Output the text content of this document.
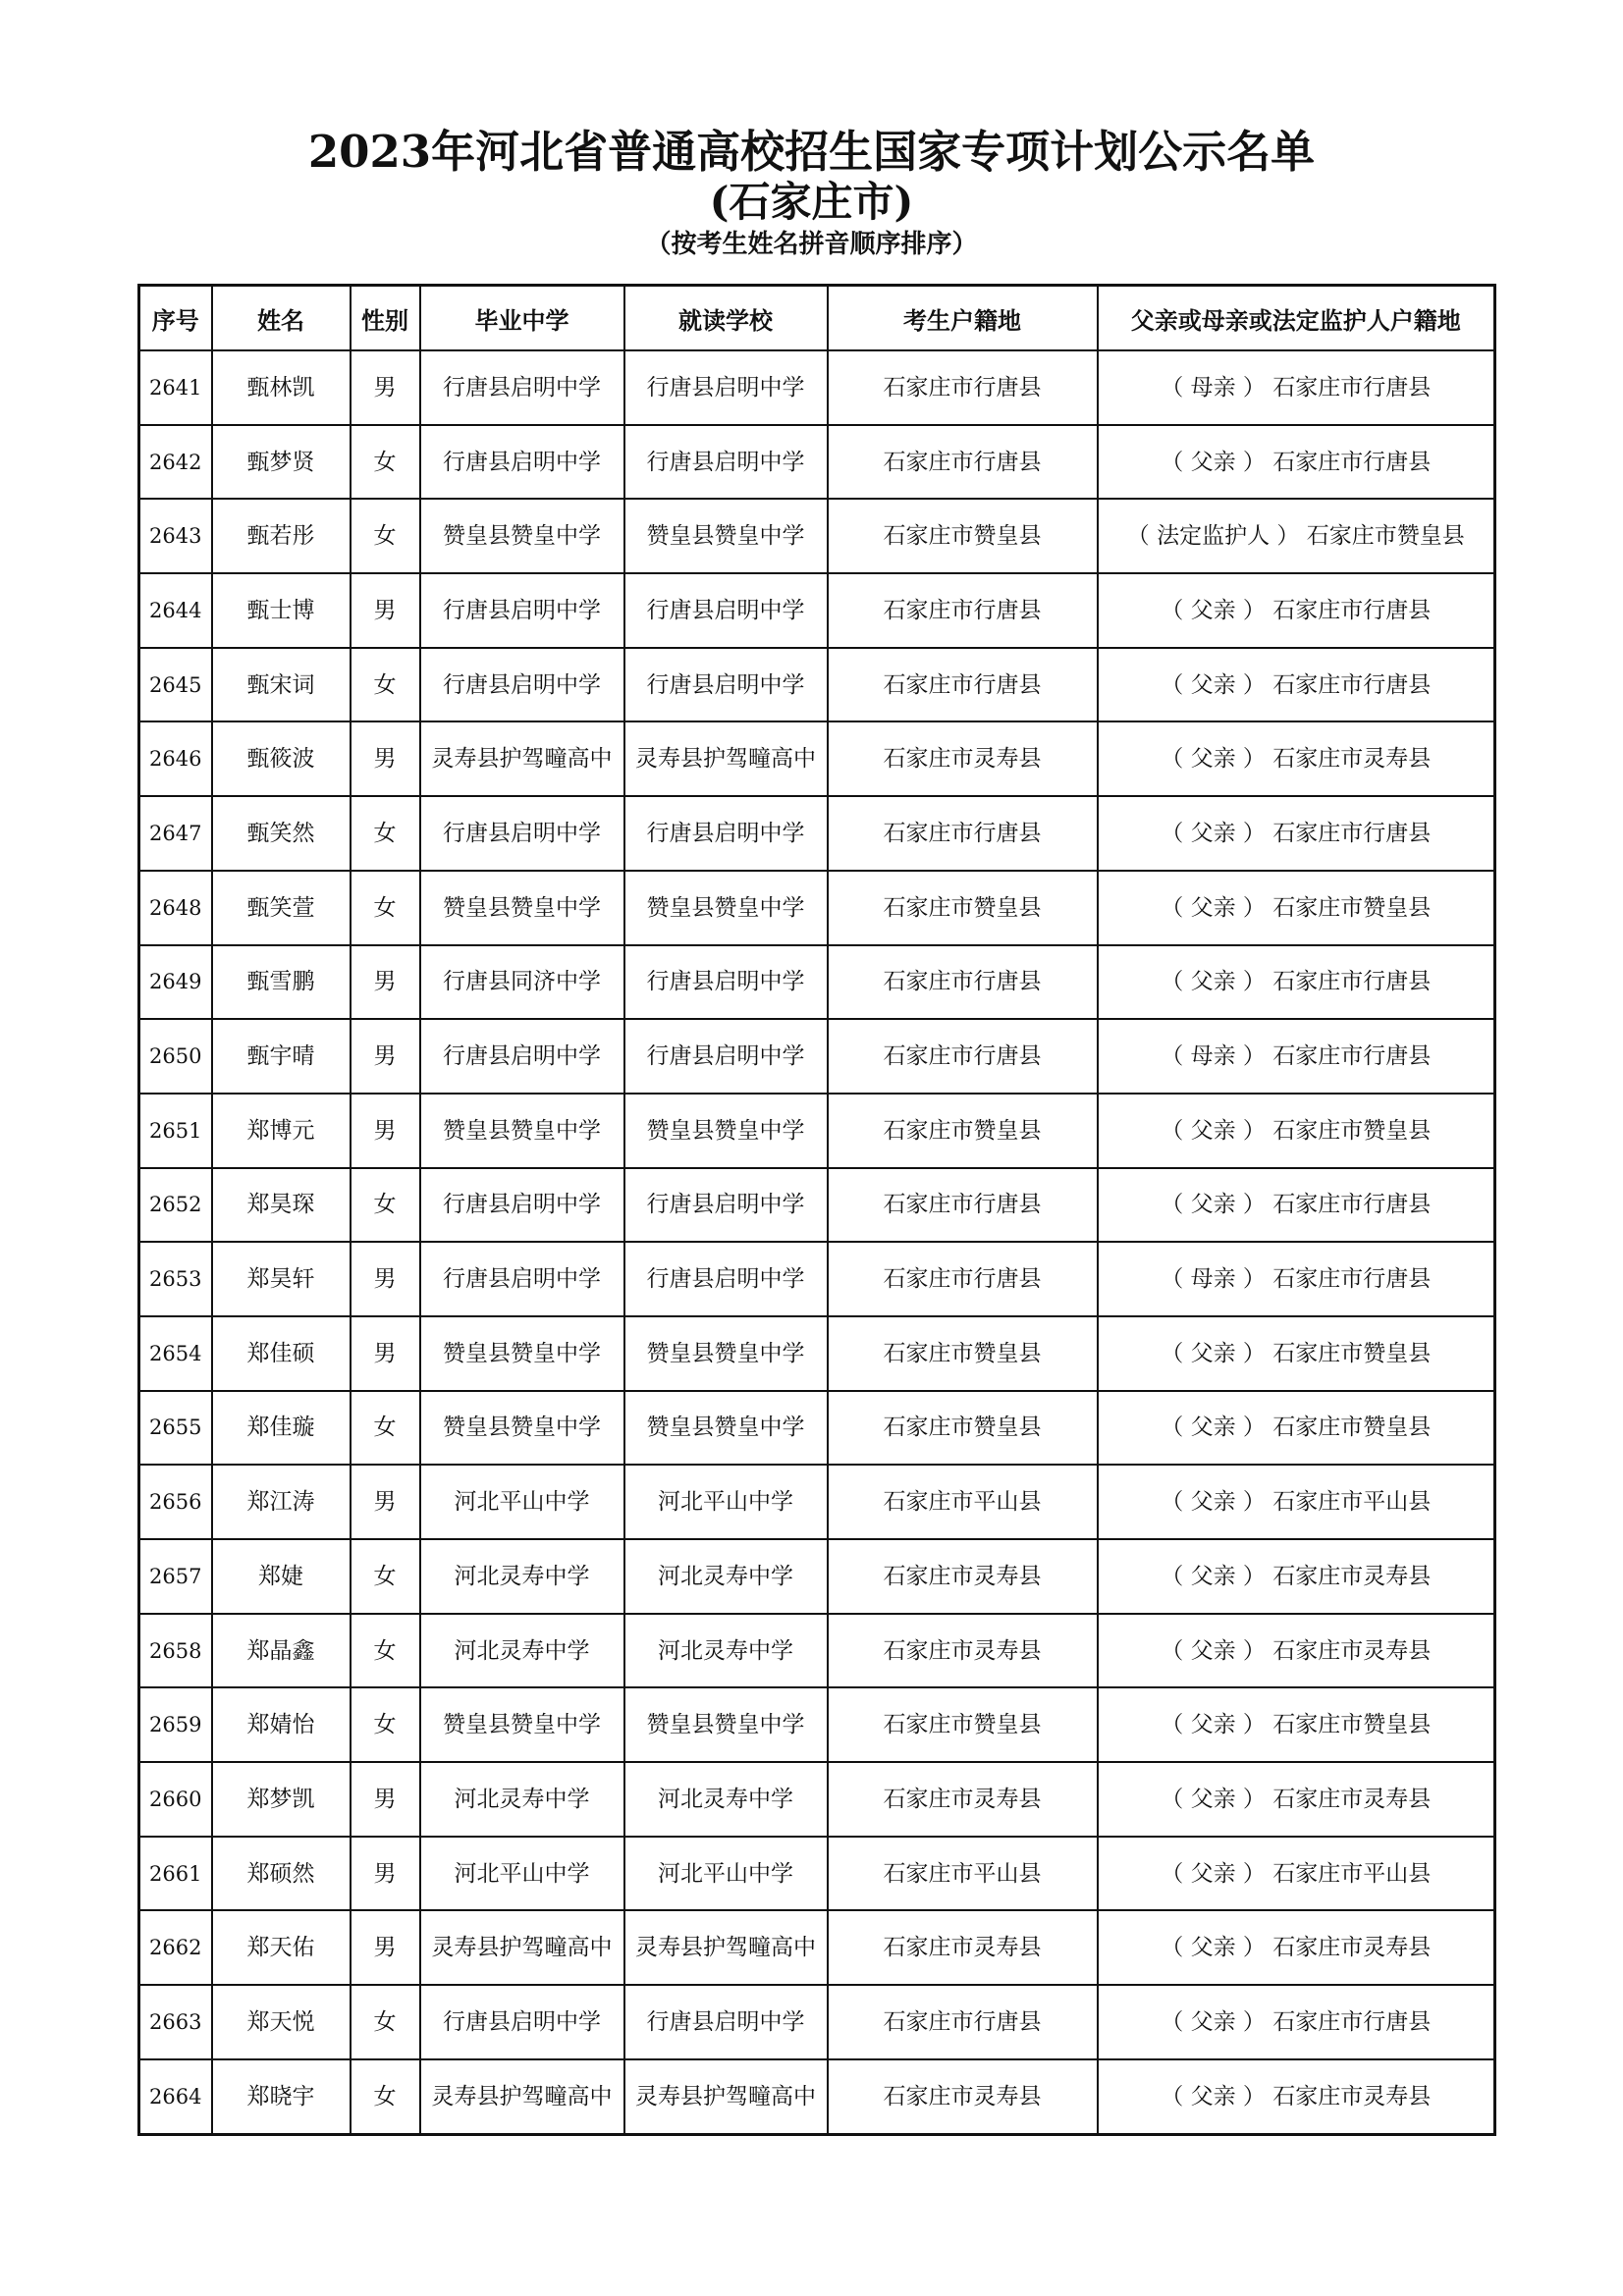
2023年河北省普通高校招生国家专项计划公示名单
(石家庄市)
（按考生姓名拼音顺序排序）
序号	姓名	性别	毕业中学	就读学校	考生户籍地	父亲或母亲或法定监护人户籍地
2641	甄林凯	男	行唐县启明中学	行唐县启明中学	石家庄市行唐县	（ 母亲 ） 石家庄市行唐县
2642	甄梦贤	女	行唐县启明中学	行唐县启明中学	石家庄市行唐县	（ 父亲 ） 石家庄市行唐县
2643	甄若彤	女	赞皇县赞皇中学	赞皇县赞皇中学	石家庄市赞皇县	（ 法定监护人 ） 石家庄市赞皇县
2644	甄士博	男	行唐县启明中学	行唐县启明中学	石家庄市行唐县	（ 父亲 ） 石家庄市行唐县
2645	甄宋词	女	行唐县启明中学	行唐县启明中学	石家庄市行唐县	（ 父亲 ） 石家庄市行唐县
2646	甄筱波	男	灵寿县护驾疃高中	灵寿县护驾疃高中	石家庄市灵寿县	（ 父亲 ） 石家庄市灵寿县
2647	甄笑然	女	行唐县启明中学	行唐县启明中学	石家庄市行唐县	（ 父亲 ） 石家庄市行唐县
2648	甄笑萱	女	赞皇县赞皇中学	赞皇县赞皇中学	石家庄市赞皇县	（ 父亲 ） 石家庄市赞皇县
2649	甄雪鹏	男	行唐县同济中学	行唐县启明中学	石家庄市行唐县	（ 父亲 ） 石家庄市行唐县
2650	甄宇晴	男	行唐县启明中学	行唐县启明中学	石家庄市行唐县	（ 母亲 ） 石家庄市行唐县
2651	郑博元	男	赞皇县赞皇中学	赞皇县赞皇中学	石家庄市赞皇县	（ 父亲 ） 石家庄市赞皇县
2652	郑昊琛	女	行唐县启明中学	行唐县启明中学	石家庄市行唐县	（ 父亲 ） 石家庄市行唐县
2653	郑昊轩	男	行唐县启明中学	行唐县启明中学	石家庄市行唐县	（ 母亲 ） 石家庄市行唐县
2654	郑佳硕	男	赞皇县赞皇中学	赞皇县赞皇中学	石家庄市赞皇县	（ 父亲 ） 石家庄市赞皇县
2655	郑佳璇	女	赞皇县赞皇中学	赞皇县赞皇中学	石家庄市赞皇县	（ 父亲 ） 石家庄市赞皇县
2656	郑江涛	男	河北平山中学	河北平山中学	石家庄市平山县	（ 父亲 ） 石家庄市平山县
2657	郑婕	女	河北灵寿中学	河北灵寿中学	石家庄市灵寿县	（ 父亲 ） 石家庄市灵寿县
2658	郑晶鑫	女	河北灵寿中学	河北灵寿中学	石家庄市灵寿县	（ 父亲 ） 石家庄市灵寿县
2659	郑婧怡	女	赞皇县赞皇中学	赞皇县赞皇中学	石家庄市赞皇县	（ 父亲 ） 石家庄市赞皇县
2660	郑梦凯	男	河北灵寿中学	河北灵寿中学	石家庄市灵寿县	（ 父亲 ） 石家庄市灵寿县
2661	郑硕然	男	河北平山中学	河北平山中学	石家庄市平山县	（ 父亲 ） 石家庄市平山县
2662	郑天佑	男	灵寿县护驾疃高中	灵寿县护驾疃高中	石家庄市灵寿县	（ 父亲 ） 石家庄市灵寿县
2663	郑天悦	女	行唐县启明中学	行唐县启明中学	石家庄市行唐县	（ 父亲 ） 石家庄市行唐县
2664	郑晓宇	女	灵寿县护驾疃高中	灵寿县护驾疃高中	石家庄市灵寿县	（ 父亲 ） 石家庄市灵寿县
